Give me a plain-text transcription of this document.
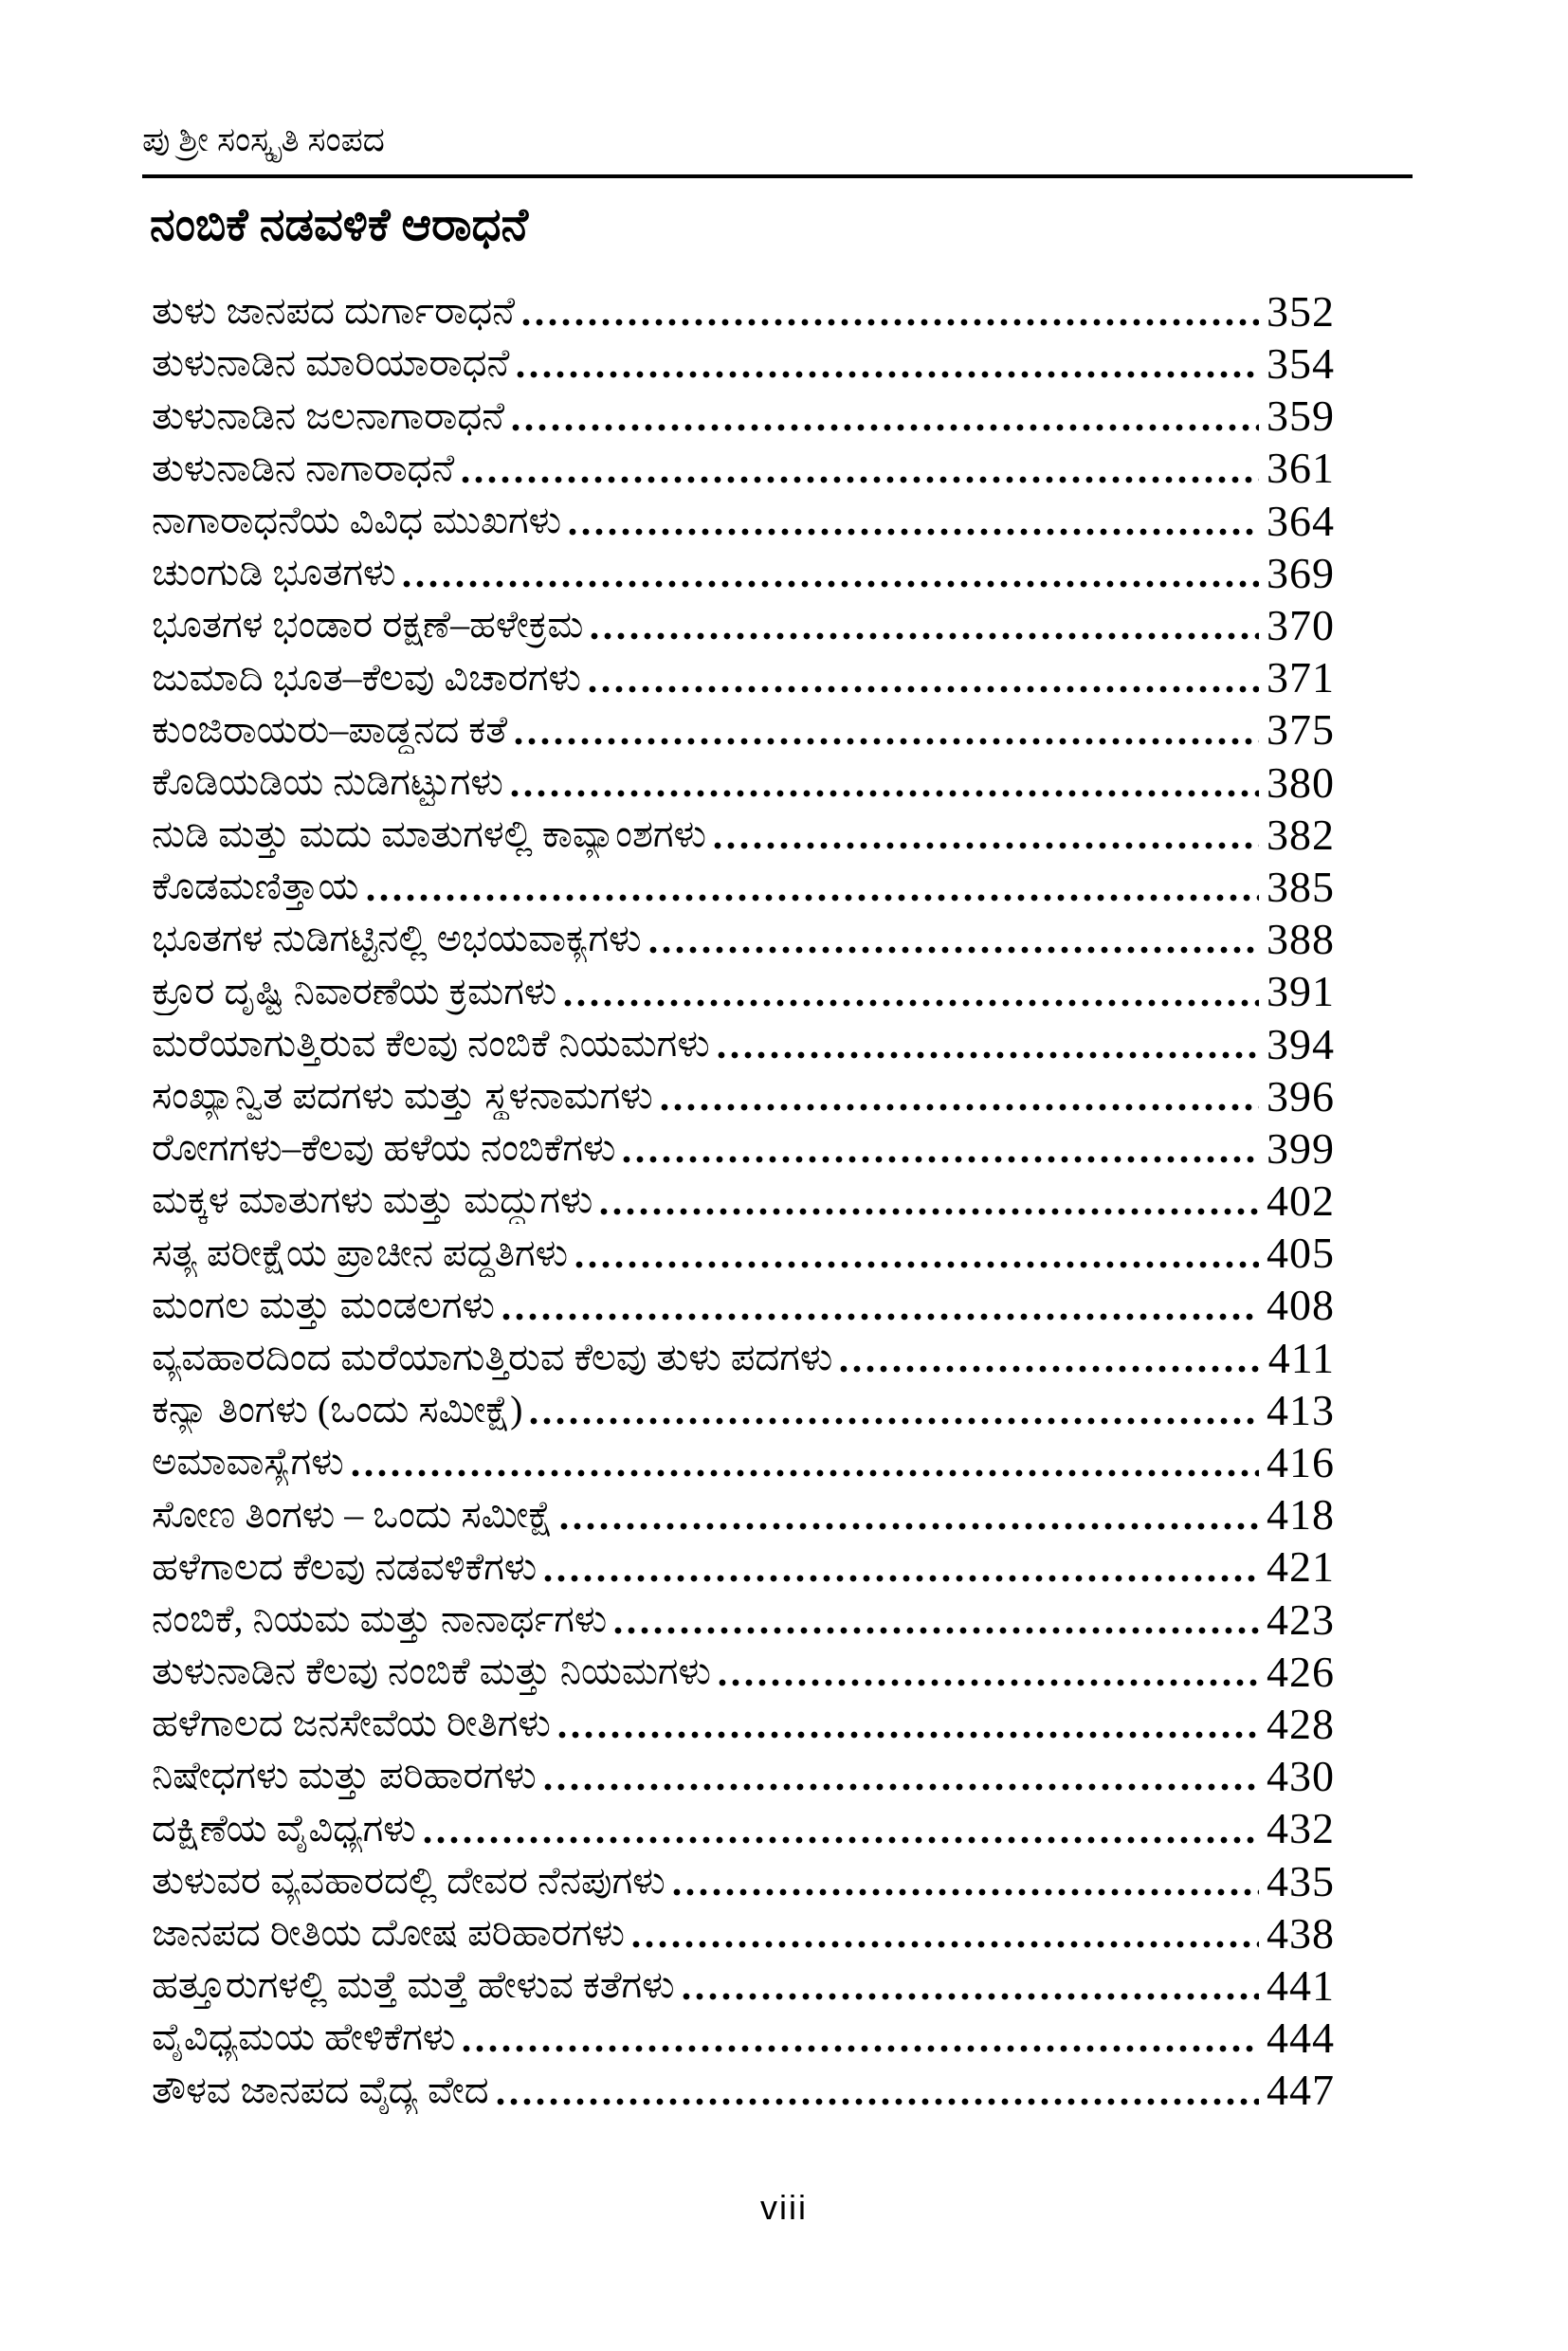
ಪು ಶ್ರೀ ಸಂಸ್ಕೃತಿ ಸಂಪದ
ನಂಬಿಕೆ ನಡವಳಿಕೆ ಆರಾಧನೆ
ತುಳು ಜಾನಪದ ದುರ್ಗಾರಾಧನೆ	352
ತುಳುನಾಡಿನ ಮಾರಿಯಾರಾಧನೆ	354
ತುಳುನಾಡಿನ ಜಲನಾಗಾರಾಧನೆ	359
ತುಳುನಾಡಿನ ನಾಗಾರಾಧನೆ	361
ನಾಗಾರಾಧನೆಯ ವಿವಿಧ ಮುಖಗಳು	364
ಚುಂಗುಡಿ ಭೂತಗಳು	369
ಭೂತಗಳ ಭಂಡಾರ ರಕ್ಷಣೆ–ಹಳೇಕ್ರಮ	370
ಜುಮಾದಿ ಭೂತ–ಕೆಲವು ವಿಚಾರಗಳು	371
ಕುಂಜಿರಾಯರು–ಪಾಡ್ದನದ ಕತೆ	375
ಕೊಡಿಯಡಿಯ ನುಡಿಗಟ್ಟುಗಳು	380
ನುಡಿ ಮತ್ತು ಮದು ಮಾತುಗಳಲ್ಲಿ ಕಾವ್ಯಾಂಶಗಳು	382
ಕೊಡಮಣಿತ್ತಾಯ	385
ಭೂತಗಳ ನುಡಿಗಟ್ಟಿನಲ್ಲಿ ಅಭಯವಾಕ್ಯಗಳು	388
ಕ್ರೂರ ದೃಷ್ಟಿ ನಿವಾರಣೆಯ ಕ್ರಮಗಳು	391
ಮರೆಯಾಗುತ್ತಿರುವ ಕೆಲವು ನಂಬಿಕೆ ನಿಯಮಗಳು	394
ಸಂಖ್ಯಾನ್ವಿತ ಪದಗಳು ಮತ್ತು ಸ್ಥಳನಾಮಗಳು	396
ರೋಗಗಳು–ಕೆಲವು ಹಳೆಯ ನಂಬಿಕೆಗಳು	399
ಮಕ್ಕಳ ಮಾತುಗಳು ಮತ್ತು ಮದ್ದುಗಳು	402
ಸತ್ಯ ಪರೀಕ್ಷೆಯ ಪ್ರಾಚೀನ ಪದ್ಧತಿಗಳು	405
ಮಂಗಲ ಮತ್ತು ಮಂಡಲಗಳು	408
ವ್ಯವಹಾರದಿಂದ ಮರೆಯಾಗುತ್ತಿರುವ ಕೆಲವು ತುಳು ಪದಗಳು	411
ಕನ್ಯಾ ತಿಂಗಳು (ಒಂದು ಸಮೀಕ್ಷೆ)	413
ಅಮಾವಾಸ್ಯೆಗಳು	416
ಸೋಣ ತಿಂಗಳು – ಒಂದು ಸಮೀಕ್ಷೆ	418
ಹಳೆಗಾಲದ ಕೆಲವು ನಡವಳಿಕೆಗಳು	421
ನಂಬಿಕೆ, ನಿಯಮ ಮತ್ತು ನಾನಾರ್ಥಗಳು	423
ತುಳುನಾಡಿನ ಕೆಲವು ನಂಬಿಕೆ ಮತ್ತು ನಿಯಮಗಳು	426
ಹಳೆಗಾಲದ ಜನಸೇವೆಯ ರೀತಿಗಳು	428
ನಿಷೇಧಗಳು ಮತ್ತು ಪರಿಹಾರಗಳು	430
ದಕ್ಷಿಣೆಯ ವೈವಿಧ್ಯಗಳು	432
ತುಳುವರ ವ್ಯವಹಾರದಲ್ಲಿ ದೇವರ ನೆನಪುಗಳು	435
ಜಾನಪದ ರೀತಿಯ ದೋಷ ಪರಿಹಾರಗಳು	438
ಹತ್ತೂರುಗಳಲ್ಲಿ ಮತ್ತೆ ಮತ್ತೆ ಹೇಳುವ ಕತೆಗಳು	441
ವೈವಿಧ್ಯಮಯ ಹೇಳಿಕೆಗಳು	444
ತೌಳವ ಜಾನಪದ ವೈದ್ಯ ವೇದ	447
viii
